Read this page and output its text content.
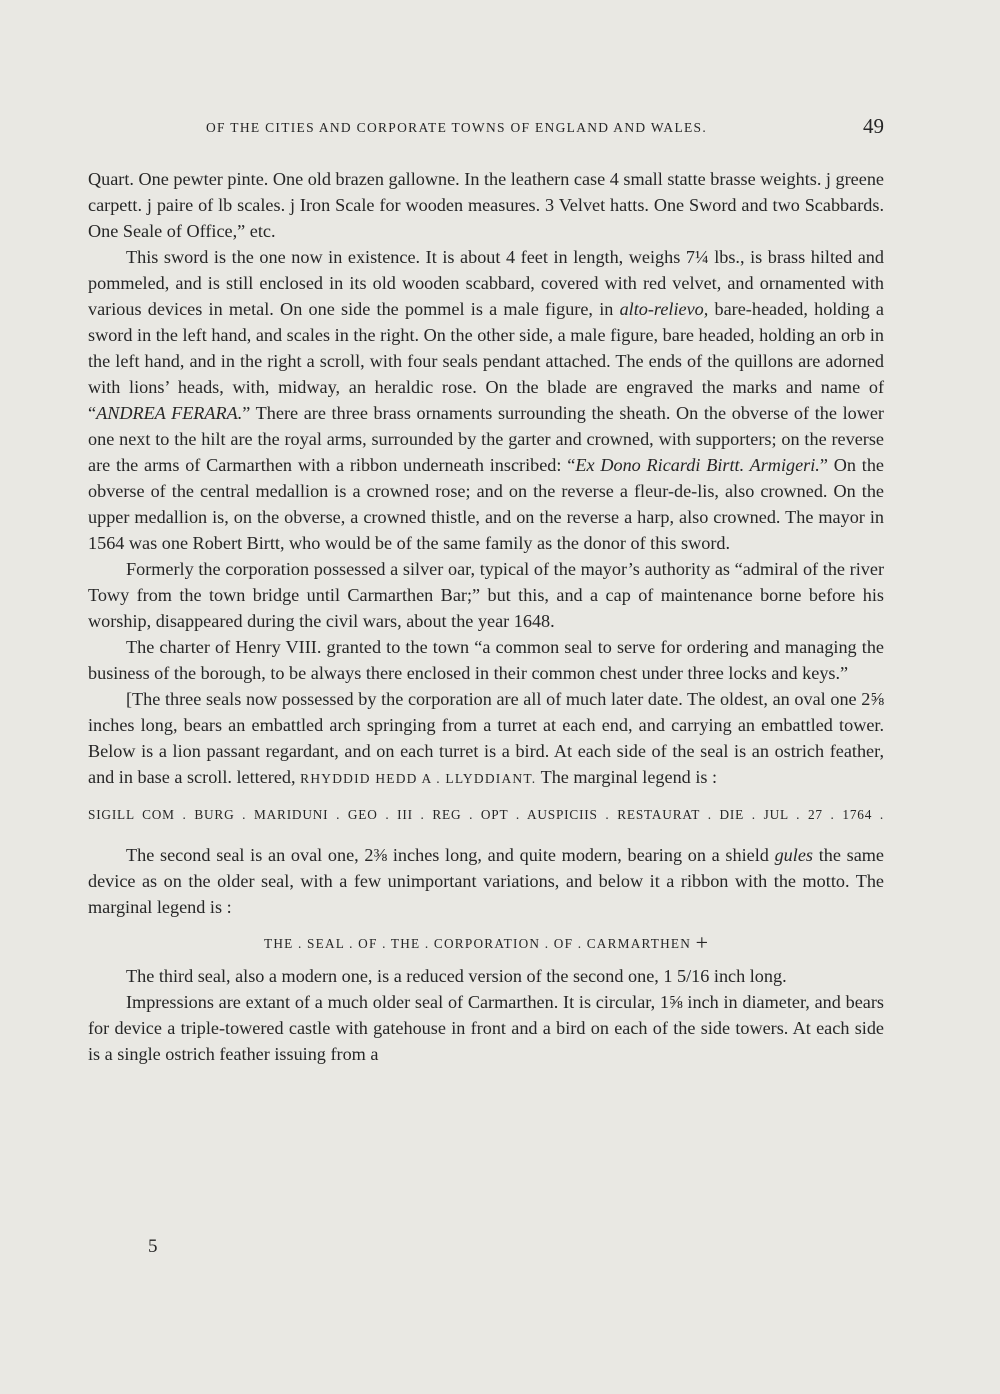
OF THE CITIES AND CORPORATE TOWNS OF ENGLAND AND WALES.	49

Quart. One pewter pinte. One old brazen gallowne. In the leathern case 4 small statte brasse weights. j greene carpett. j paire of lb scales. j Iron Scale for wooden measures. 3 Velvet hatts. One Sword and two Scabbards. One Seale of Office,” etc.

This sword is the one now in existence. It is about 4 feet in length, weighs 7¼ lbs., is brass hilted and pommeled, and is still enclosed in its old wooden scabbard, covered with red velvet, and ornamented with various devices in metal. On one side the pommel is a male figure, in alto-relievo, bare-headed, holding a sword in the left hand, and scales in the right. On the other side, a male figure, bare headed, holding an orb in the left hand, and in the right a scroll, with four seals pendant attached. The ends of the quillons are adorned with lions’ heads, with, midway, an heraldic rose. On the blade are engraved the marks and name of “ANDREA FERARA.” There are three brass ornaments surrounding the sheath. On the obverse of the lower one next to the hilt are the royal arms, surrounded by the garter and crowned, with supporters; on the reverse are the arms of Carmarthen with a ribbon underneath inscribed: “Ex Dono Ricardi Birtt. Armigeri.” On the obverse of the central medallion is a crowned rose; and on the reverse a fleur-de-lis, also crowned. On the upper medallion is, on the obverse, a crowned thistle, and on the reverse a harp, also crowned. The mayor in 1564 was one Robert Birtt, who would be of the same family as the donor of this sword.

Formerly the corporation possessed a silver oar, typical of the mayor’s authority as “admiral of the river Towy from the town bridge until Carmarthen Bar;” but this, and a cap of maintenance borne before his worship, disappeared during the civil wars, about the year 1648.

The charter of Henry VIII. granted to the town “a common seal to serve for ordering and managing the business of the borough, to be always there enclosed in their common chest under three locks and keys.”

[The three seals now possessed by the corporation are all of much later date. The oldest, an oval one 2⅝ inches long, bears an embattled arch springing from a turret at each end, and carrying an embattled tower. Below is a lion passant regardant, and on each turret is a bird. At each side of the seal is an ostrich feather, and in base a scroll. lettered, RHYDDID HEDD A . LLYDDIANT. The marginal legend is :

SIGILL COM . BURG . MARIDUNI . GEO . III . REG . OPT . AUSPICIIS . RESTAURAT . DIE . JUL . 27 . 1764 .

The second seal is an oval one, 2⅜ inches long, and quite modern, bearing on a shield gules the same device as on the older seal, with a few unimportant variations, and below it a ribbon with the motto. The marginal legend is :

THE . SEAL . OF . THE . CORPORATION . OF . CARMARTHEN +

The third seal, also a modern one, is a reduced version of the second one, 1 5/16 inch long.

Impressions are extant of a much older seal of Carmarthen. It is circular, 1⅝ inch in diameter, and bears for device a triple-towered castle with gatehouse in front and a bird on each of the side towers. At each side is a single ostrich feather issuing from a

5
